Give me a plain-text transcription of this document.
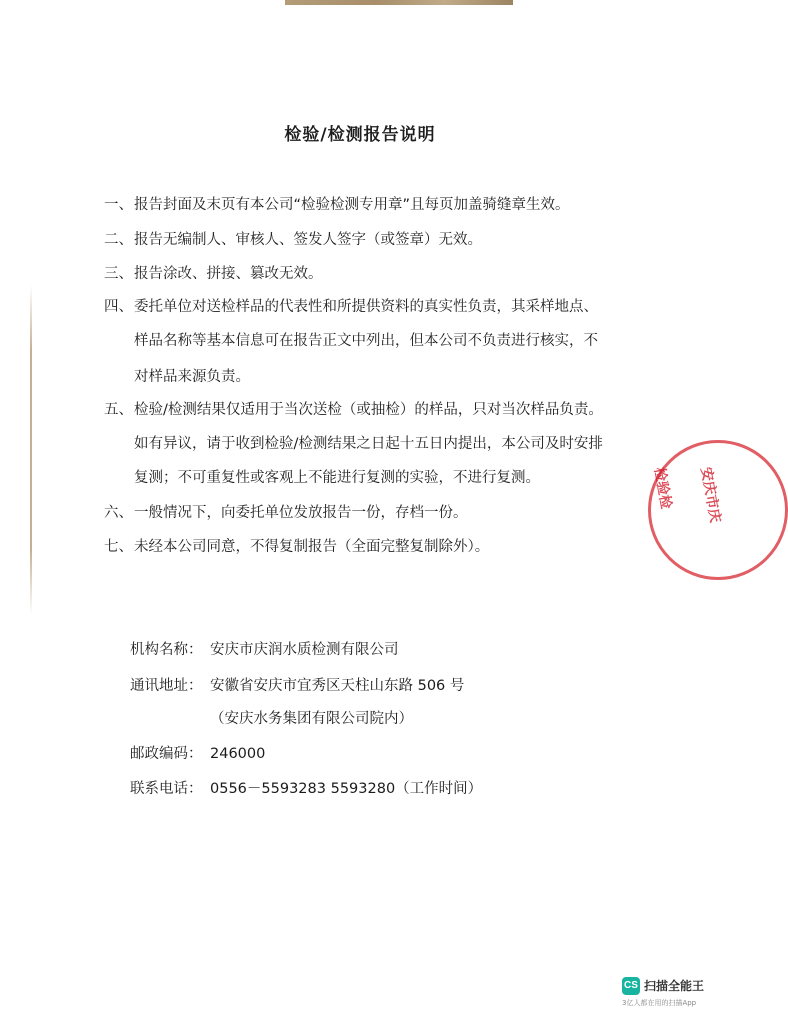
检验/检测报告说明
一、报告封面及末页有本公司“检验检测专用章”且每页加盖骑缝章生效。
二、报告无编制人、审核人、签发人签字（或签章）无效。
三、报告涂改、拼接、篡改无效。
四、委托单位对送检样品的代表性和所提供资料的真实性负责，其采样地点、
样品名称等基本信息可在报告正文中列出，但本公司不负责进行核实，不
对样品来源负责。
五、检验/检测结果仅适用于当次送检（或抽检）的样品，只对当次样品负责。
如有异议，请于收到检验/检测结果之日起十五日内提出，本公司及时安排
复测；不可重复性或客观上不能进行复测的实验，不进行复测。
六、一般情况下，向委托单位发放报告一份，存档一份。
七、未经本公司同意，不得复制报告（全面完整复制除外）。
机构名称： 安庆市庆润水质检测有限公司
通讯地址： 安徽省安庆市宜秀区天柱山东路 506 号
（安庆水务集团有限公司院内）
邮政编码： 246000
联系电话： 0556－5593283 5593280（工作时间）
安庆市庆
检验检
CS 扫描全能王
3亿人都在用的扫描App
